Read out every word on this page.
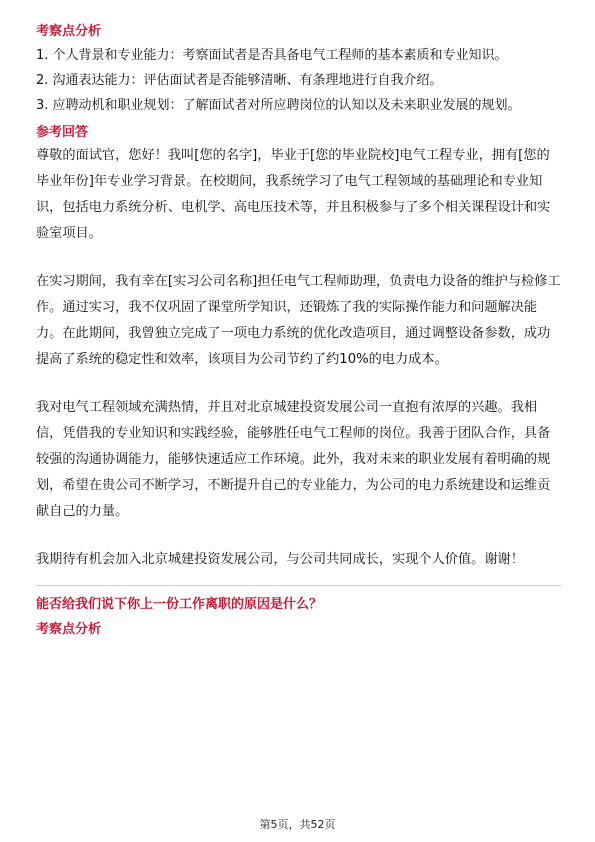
考察点分析
1. 个人背景和专业能力：考察面试者是否具备电气工程师的基本素质和专业知识。
2. 沟通表达能力：评估面试者是否能够清晰、有条理地进行自我介绍。
3. 应聘动机和职业规划：了解面试者对所应聘岗位的认知以及未来职业发展的规划。
参考回答

尊敬的面试官，您好！我叫[您的名字]，毕业于[您的毕业院校]电气工程专业，拥有[您的毕业年份]年专业学习背景。在校期间，我系统学习了电气工程领域的基础理论和专业知识，包括电力系统分析、电机学、高电压技术等，并且积极参与了多个相关课程设计和实验室项目。

在实习期间，我有幸在[实习公司名称]担任电气工程师助理，负责电力设备的维护与检修工作。通过实习，我不仅巩固了课堂所学知识，还锻炼了我的实际操作能力和问题解决能力。在此期间，我曾独立完成了一项电力系统的优化改造项目，通过调整设备参数，成功提高了系统的稳定性和效率，该项目为公司节约了约10%的电力成本。

我对电气工程领域充满热情，并且对北京城建投资发展公司一直抱有浓厚的兴趣。我相信，凭借我的专业知识和实践经验，能够胜任电气工程师的岗位。我善于团队合作，具备较强的沟通协调能力，能够快速适应工作环境。此外，我对未来的职业发展有着明确的规划，希望在贵公司不断学习，不断提升自己的专业能力，为公司的电力系统建设和运维贡献自己的力量。

我期待有机会加入北京城建投资发展公司，与公司共同成长，实现个人价值。谢谢！

能否给我们说下你上一份工作离职的原因是什么？
考察点分析
第5页，共52页
